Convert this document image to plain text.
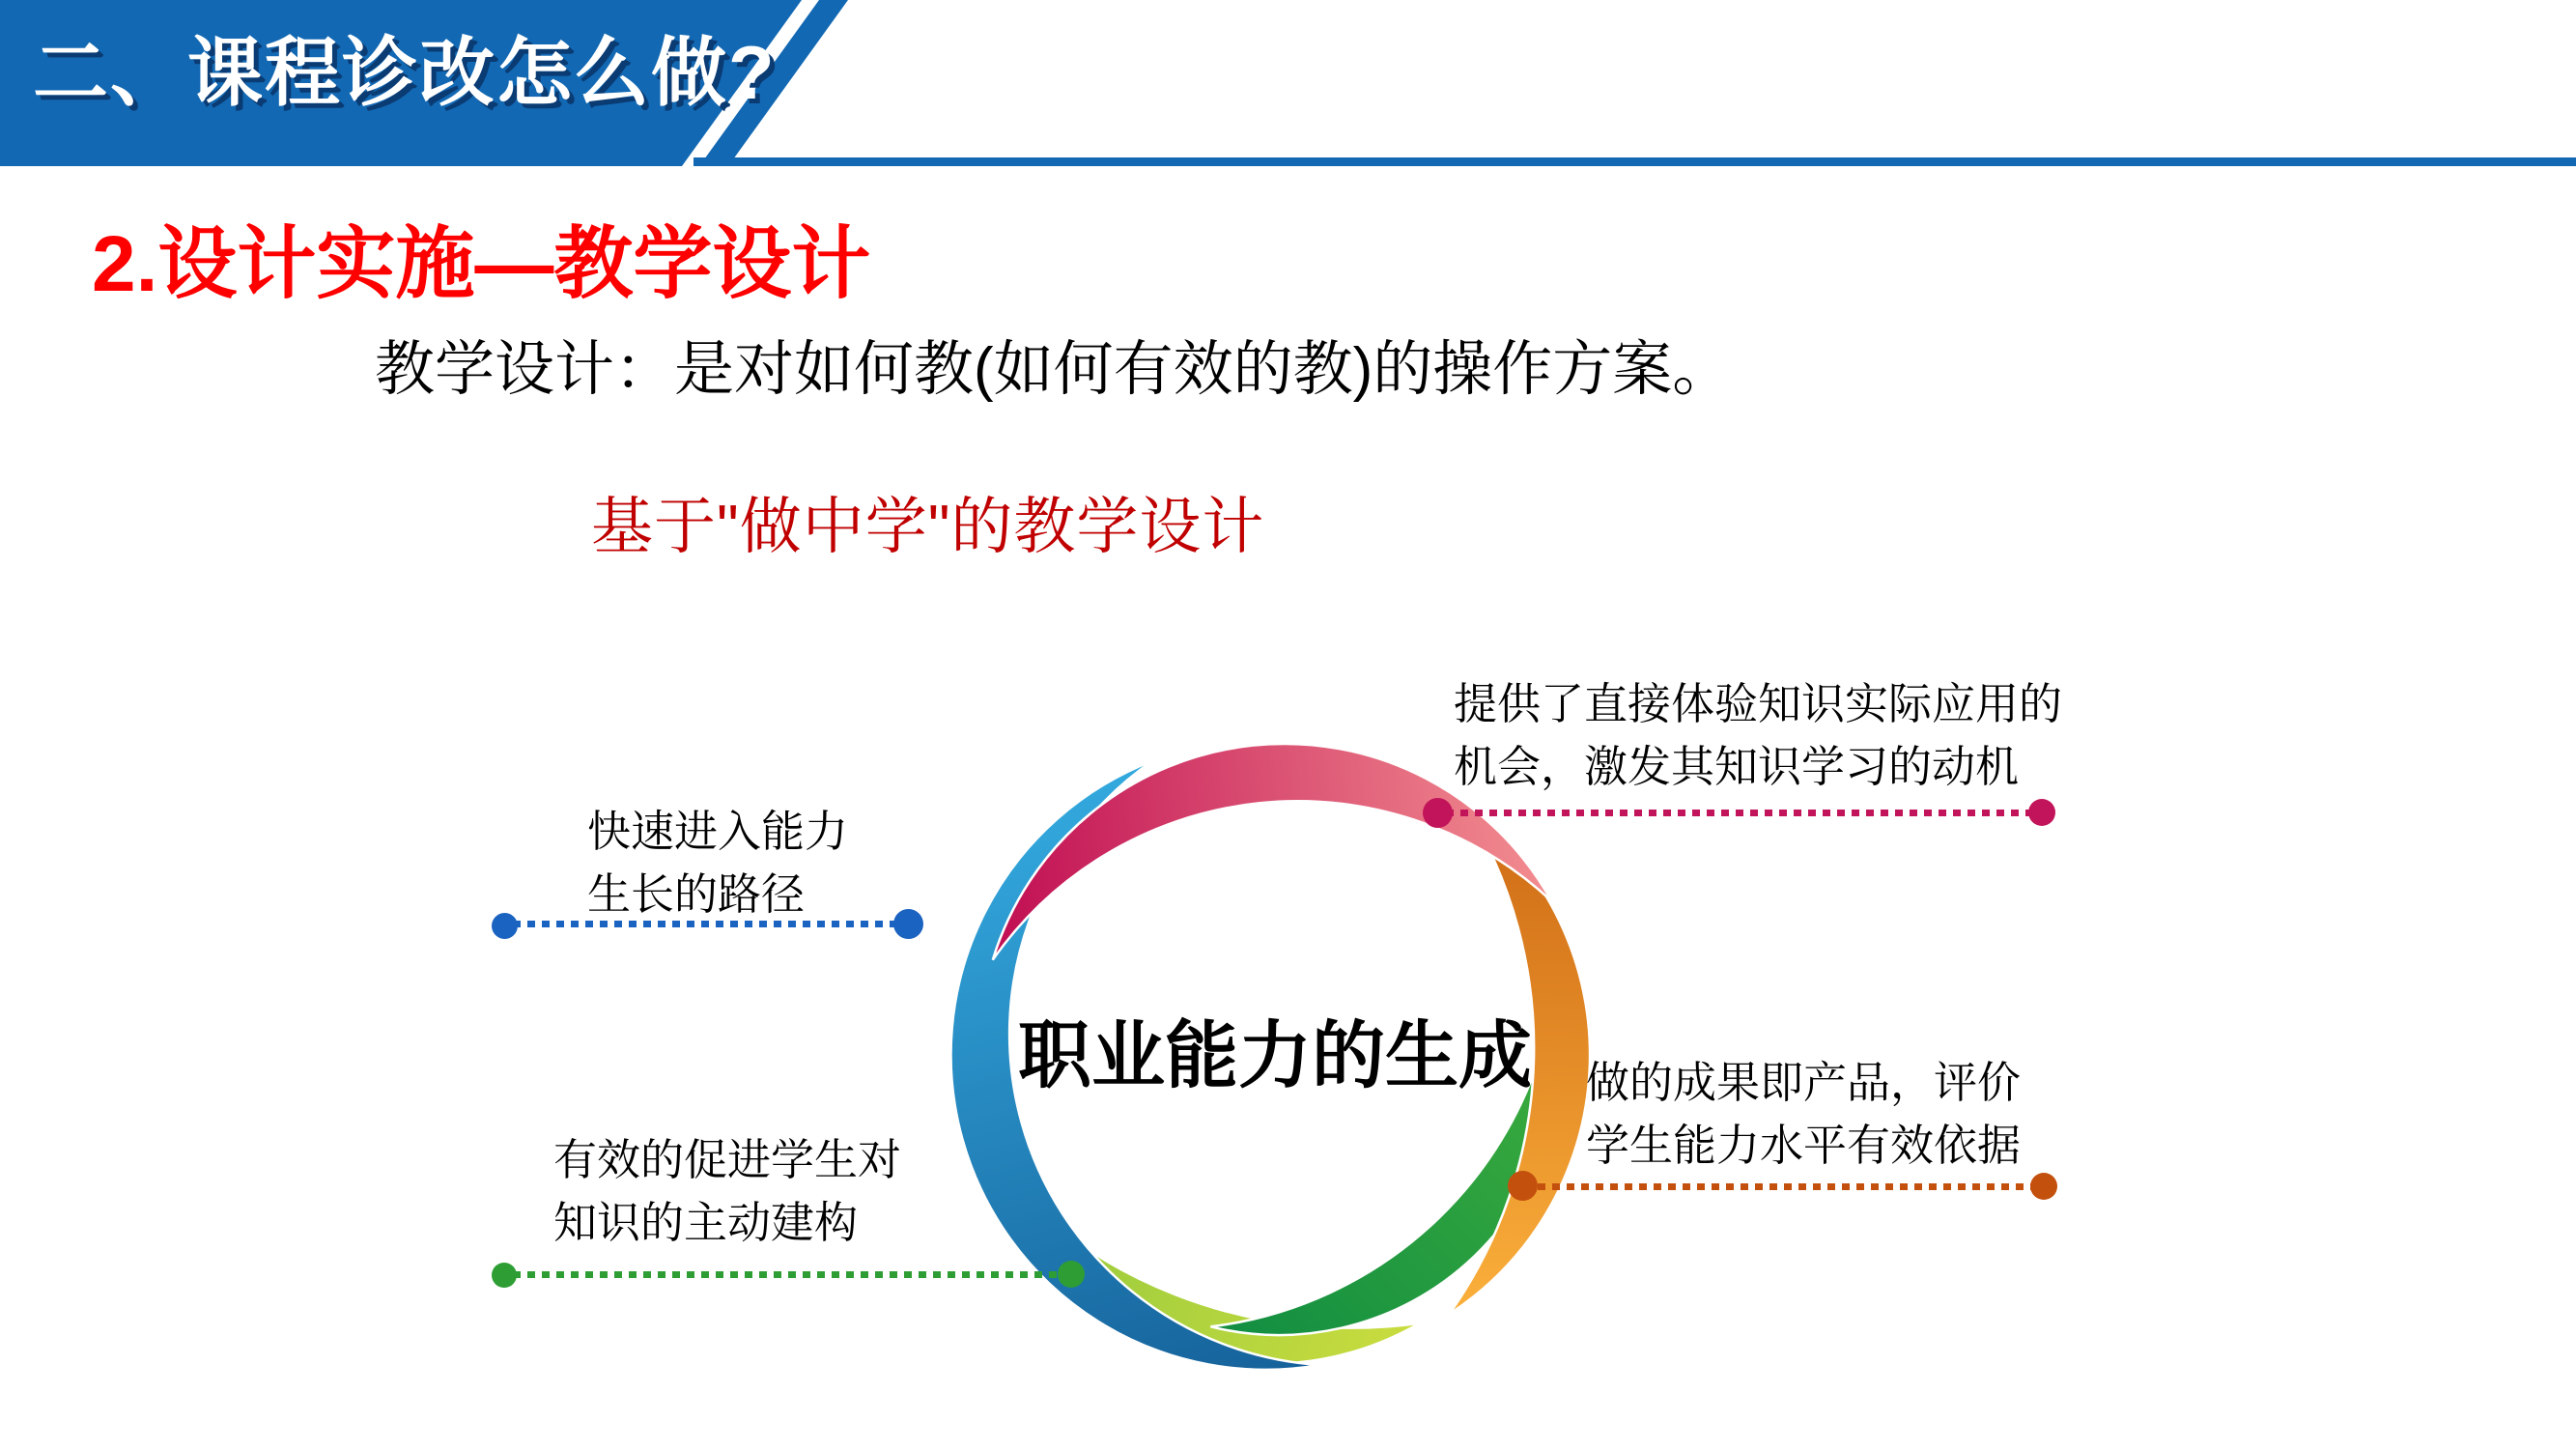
二、课程诊改怎么做?
2.设计实施—教学设计
教学设计：是对如何教(如何有效的教)的操作方案。
基于"做中学"的教学设计
职业能力的生成
快速进入能力
生长的路径
提供了直接体验知识实际应用的
机会，激发其知识学习的动机
做的成果即产品，评价
学生能力水平有效依据
有效的促进学生对
知识的主动建构
